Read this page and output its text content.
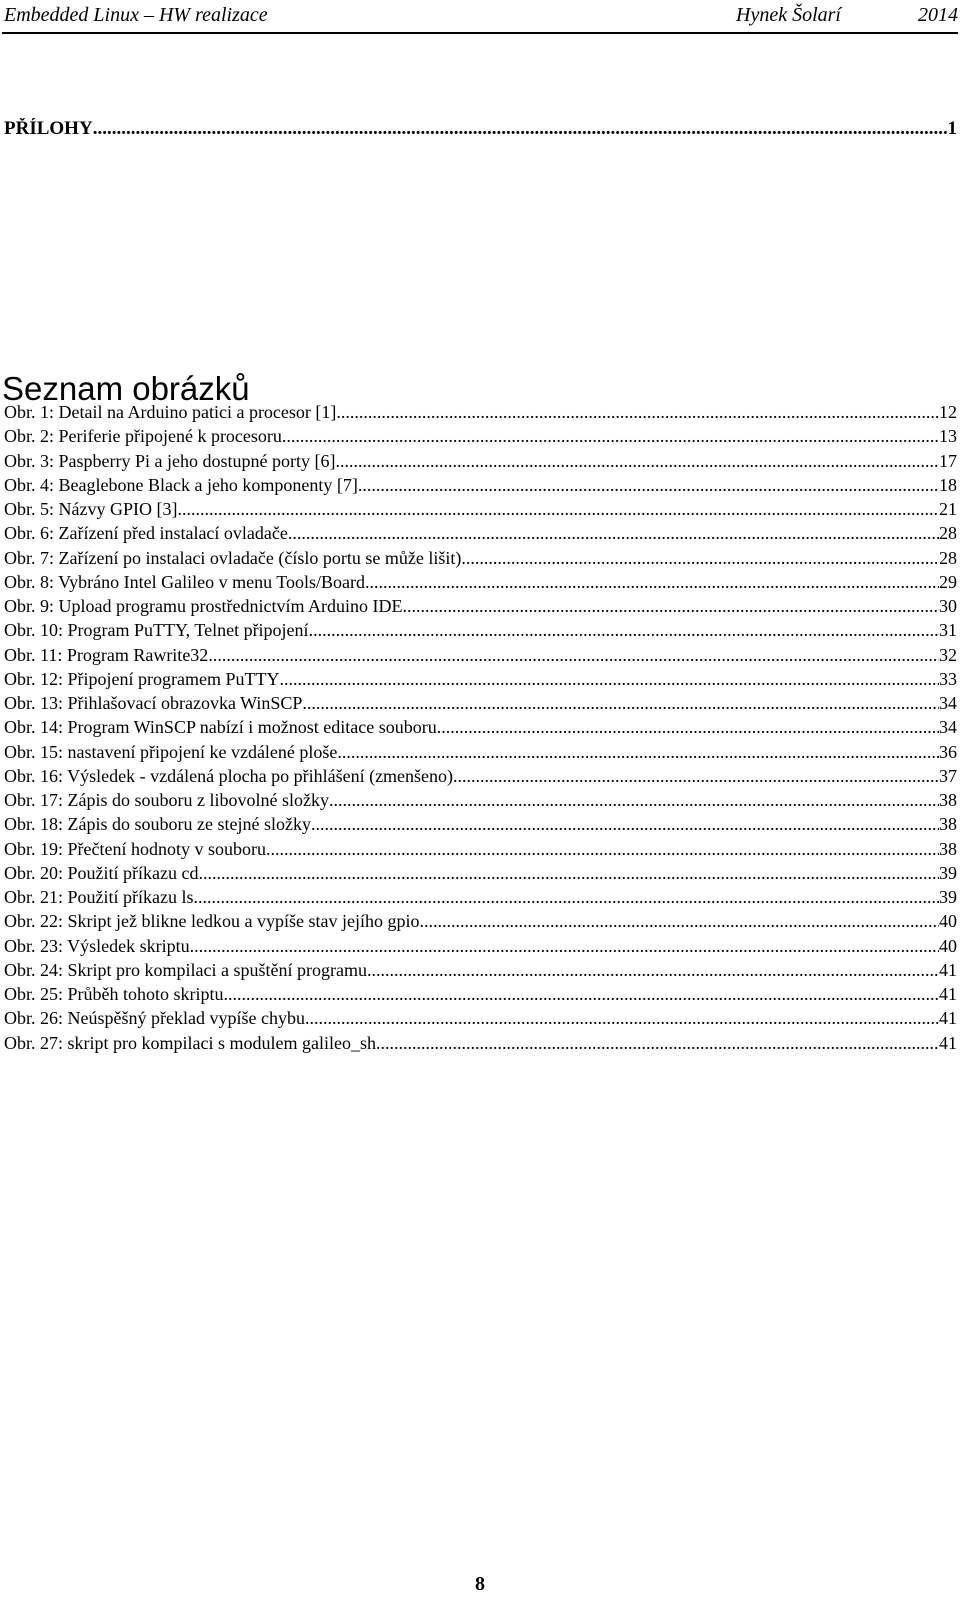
Embedded Linux – HW realizace	Hynek Šolarí	2014
PŘÍLOHY .....	1
Seznam obrázků
Obr. 1: Detail na Arduino patici a procesor [1] .....	12
Obr. 2: Periferie připojené k procesoru .....	13
Obr. 3: Paspberry Pi a jeho dostupné porty [6] .....	17
Obr. 4: Beaglebone Black a jeho komponenty [7] .....	18
Obr. 5: Názvy GPIO [3] .....	21
Obr. 6: Zařízení před instalací ovladače .....	28
Obr. 7: Zařízení po instalaci ovladače (číslo portu se může lišit) .....	28
Obr. 8: Vybráno Intel Galileo v menu Tools/Board .....	29
Obr. 9: Upload programu prostřednictvím Arduino IDE .....	30
Obr. 10: Program PuTTY, Telnet připojení .....	31
Obr. 11: Program Rawrite32 .....	32
Obr. 12: Připojení programem PuTTY .....	33
Obr. 13: Přihlašovací obrazovka WinSCP .....	34
Obr. 14: Program WinSCP nabízí i možnost editace souboru .....	34
Obr. 15: nastavení připojení ke vzdálené ploše .....	36
Obr. 16: Výsledek - vzdálená plocha po přihlášení (zmenšeno) .....	37
Obr. 17: Zápis do souboru z libovolné složky .....	38
Obr. 18: Zápis do souboru ze stejné složky .....	38
Obr. 19: Přečtení hodnoty v souboru .....	38
Obr. 20: Použití příkazu cd .....	39
Obr. 21: Použití příkazu ls .....	39
Obr. 22: Skript jež blikne ledkou a vypíše stav jejího gpio .....	40
Obr. 23: Výsledek skriptu .....	40
Obr. 24: Skript pro kompilaci a spuštění programu .....	41
Obr. 25: Průběh tohoto skriptu .....	41
Obr. 26: Neúspěšný překlad vypíše chybu .....	41
Obr. 27: skript pro kompilaci s modulem galileo_sh .....	41
8
